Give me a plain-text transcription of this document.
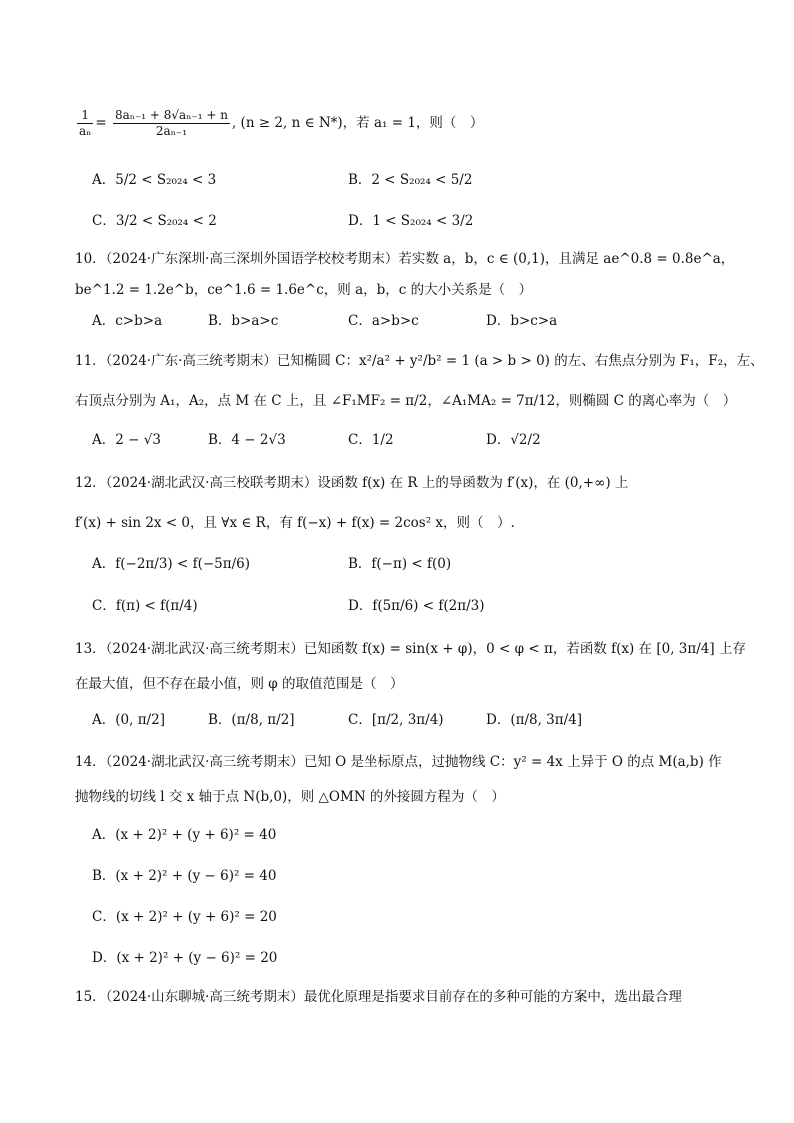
$\frac{1}{\text{aₙ}} = \frac{\text{8aₙ₋₁ + 8√aₙ₋₁ + n}}{\text{2aₙ₋₁}}$ , (n ≥ 2, n ∈ N*)，若 a₁ = 1，则（　）
A．5/2 < S₂₀₂₄ < 3	B．2 < S₂₀₂₄ < 5/2
C．3/2 < S₂₀₂₄ < 2	D．1 < S₂₀₂₄ < 3/2
10．（2024·广东深圳·高三深圳外国语学校校考期末）若实数 a，b，c ∈ (0,1)，且满足 ae^0.8 = 0.8e^a，
be^1.2 = 1.2e^b，ce^1.6 = 1.6e^c，则 a，b，c 的大小关系是（　）
A．c>b>a	B．b>a>c	C．a>b>c	D．b>c>a
11．（2024·广东·高三统考期末）已知椭圆 C：x²/a² + y²/b² = 1 (a > b > 0) 的左、右焦点分别为 F₁，F₂，左、
右顶点分别为 A₁，A₂，点 M 在 C 上，且 ∠F₁MF₂ = π/2，∠A₁MA₂ = 7π/12，则椭圆 C 的离心率为（　）
A．2 − √3	B．4 − 2√3	C．1/2	D．√2/2
12．（2024·湖北武汉·高三校联考期末）设函数 f(x) 在 R 上的导函数为 f′(x)，在 (0,+∞) 上
f′(x) + sin 2x < 0，且 ∀x ∈ R，有 f(−x) + f(x) = 2cos² x，则（　）.
A．f(−2π/3) < f(−5π/6)	B．f(−π) < f(0)
C．f(π) < f(π/4)	D．f(5π/6) < f(2π/3)
13．（2024·湖北武汉·高三统考期末）已知函数 f(x) = sin(x + φ)，0 < φ < π，若函数 f(x) 在 [0, 3π/4] 上存
在最大值，但不存在最小值，则 φ 的取值范围是（　）
A．(0, π/2]	B．(π/8, π/2]	C．[π/2, 3π/4)	D．(π/8, 3π/4]
14．（2024·湖北武汉·高三统考期末）已知 O 是坐标原点，过抛物线 C：y² = 4x 上异于 O 的点 M(a,b) 作
抛物线的切线 l 交 x 轴于点 N(b,0)，则 △OMN 的外接圆方程为（　）
A．(x + 2)² + (y + 6)² = 40
B．(x + 2)² + (y − 6)² = 40
C．(x + 2)² + (y + 6)² = 20
D．(x + 2)² + (y − 6)² = 20
15．（2024·山东聊城·高三统考期末）最优化原理是指要求目前存在的多种可能的方案中，选出最合理
